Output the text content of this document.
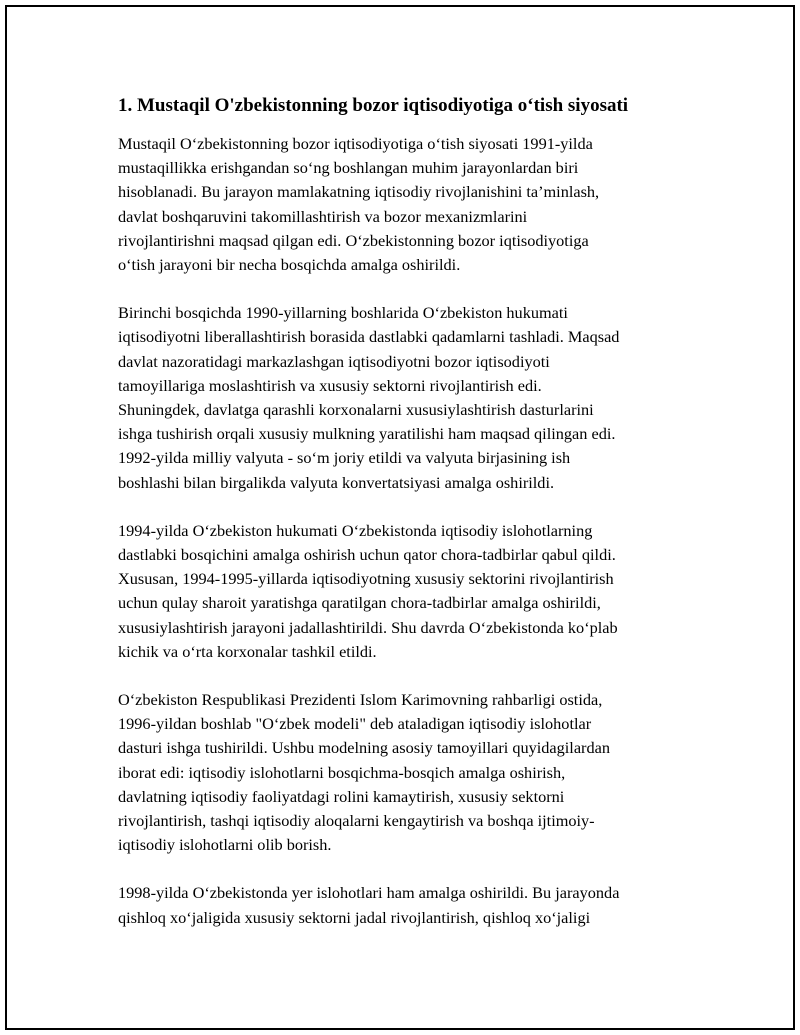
1. Mustaqil O'zbekistonning bozor iqtisodiyotiga o‘tish siyosati

Mustaqil O‘zbekistonning bozor iqtisodiyotiga o‘tish siyosati 1991-yilda
mustaqillikka erishgandan so‘ng boshlangan muhim jarayonlardan biri
hisoblanadi. Bu jarayon mamlakatning iqtisodiy rivojlanishini ta’minlash,
davlat boshqaruvini takomillashtirish va bozor mexanizmlarini
rivojlantirishni maqsad qilgan edi. O‘zbekistonning bozor iqtisodiyotiga
o‘tish jarayoni bir necha bosqichda amalga oshirildi.

Birinchi bosqichda 1990-yillarning boshlarida O‘zbekiston hukumati
iqtisodiyotni liberallashtirish borasida dastlabki qadamlarni tashladi. Maqsad
davlat nazoratidagi markazlashgan iqtisodiyotni bozor iqtisodiyoti
tamoyillariga moslashtirish va xususiy sektorni rivojlantirish edi.
Shuningdek, davlatga qarashli korxonalarni xususiylashtirish dasturlarini
ishga tushirish orqali xususiy mulkning yaratilishi ham maqsad qilingan edi.
1992-yilda milliy valyuta - so‘m joriy etildi va valyuta birjasining ish
boshlashi bilan birgalikda valyuta konvertatsiyasi amalga oshirildi.

1994-yilda O‘zbekiston hukumati O‘zbekistonda iqtisodiy islohotlarning
dastlabki bosqichini amalga oshirish uchun qator chora-tadbirlar qabul qildi.
Xususan, 1994-1995-yillarda iqtisodiyotning xususiy sektorini rivojlantirish
uchun qulay sharoit yaratishga qaratilgan chora-tadbirlar amalga oshirildi,
xususiylashtirish jarayoni jadallashtirildi. Shu davrda O‘zbekistonda ko‘plab
kichik va o‘rta korxonalar tashkil etildi.

O‘zbekiston Respublikasi Prezidenti Islom Karimovning rahbarligi ostida,
1996-yildan boshlab "O‘zbek modeli" deb ataladigan iqtisodiy islohotlar
dasturi ishga tushirildi. Ushbu modelning asosiy tamoyillari quyidagilardan
iborat edi: iqtisodiy islohotlarni bosqichma-bosqich amalga oshirish,
davlatning iqtisodiy faoliyatdagi rolini kamaytirish, xususiy sektorni
rivojlantirish, tashqi iqtisodiy aloqalarni kengaytirish va boshqa ijtimoiy-
iqtisodiy islohotlarni olib borish.

1998-yilda O‘zbekistonda yer islohotlari ham amalga oshirildi. Bu jarayonda
qishloq xo‘jaligida xususiy sektorni jadal rivojlantirish, qishloq xo‘jaligi
